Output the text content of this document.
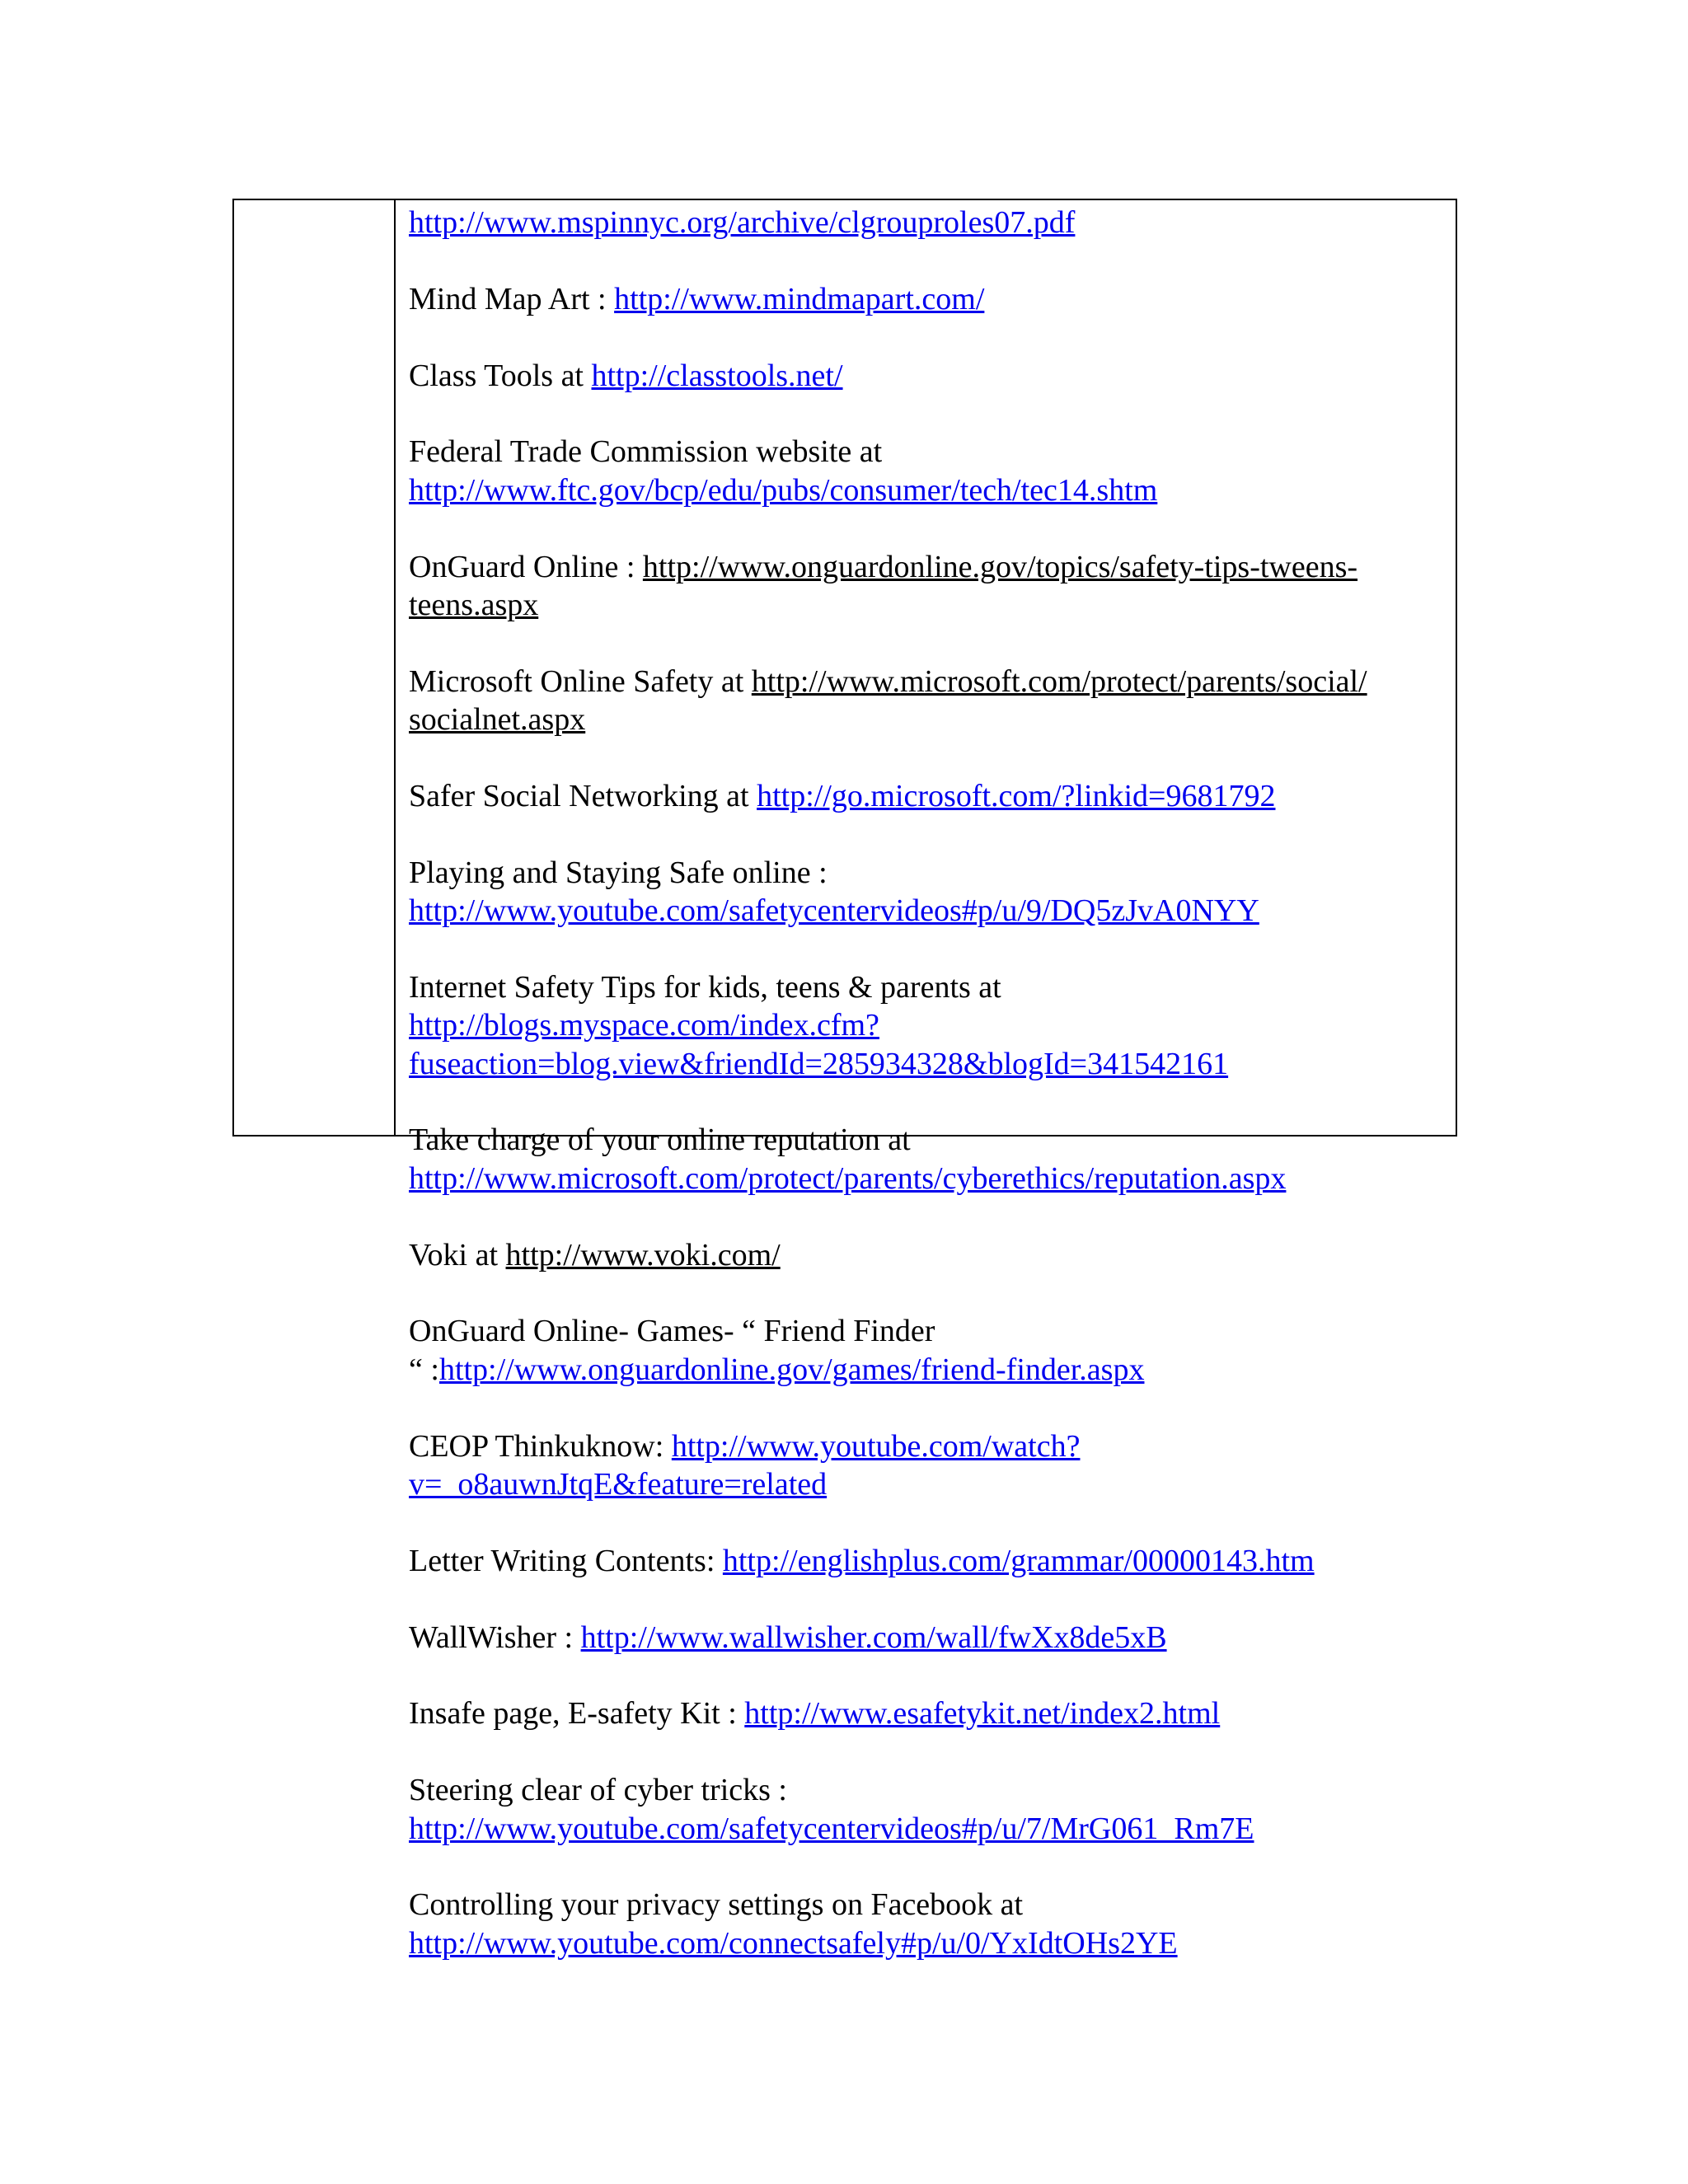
http://www.mspinnyc.org/archive/clgrouproles07.pdf
Mind Map Art : http://www.mindmapart.com/
Class Tools at http://classtools.net/
Federal Trade Commission website at
http://www.ftc.gov/bcp/edu/pubs/consumer/tech/tec14.shtm
OnGuard Online : http://www.onguardonline.gov/topics/safety-tips-tweens-
teens.aspx
Microsoft Online Safety at http://www.microsoft.com/protect/parents/social/
socialnet.aspx
Safer Social Networking at http://go.microsoft.com/?linkid=9681792
Playing and Staying Safe online :
http://www.youtube.com/safetycentervideos#p/u/9/DQ5zJvA0NYY
Internet Safety Tips for kids, teens & parents at
http://blogs.myspace.com/index.cfm?
fuseaction=blog.view&friendId=285934328&blogId=341542161
Take charge of your online reputation at
http://www.microsoft.com/protect/parents/cyberethics/reputation.aspx
Voki at http://www.voki.com/
OnGuard Online- Games- “ Friend Finder
“ :http://www.onguardonline.gov/games/friend-finder.aspx
CEOP Thinkuknow: http://www.youtube.com/watch?
v=_o8auwnJtqE&feature=related
Letter Writing Contents: http://englishplus.com/grammar/00000143.htm
WallWisher : http://www.wallwisher.com/wall/fwXx8de5xB
Insafe page, E-safety Kit : http://www.esafetykit.net/index2.html
Steering clear of cyber tricks :
http://www.youtube.com/safetycentervideos#p/u/7/MrG061_Rm7E
Controlling your privacy settings on Facebook at
http://www.youtube.com/connectsafely#p/u/0/YxIdtOHs2YE
